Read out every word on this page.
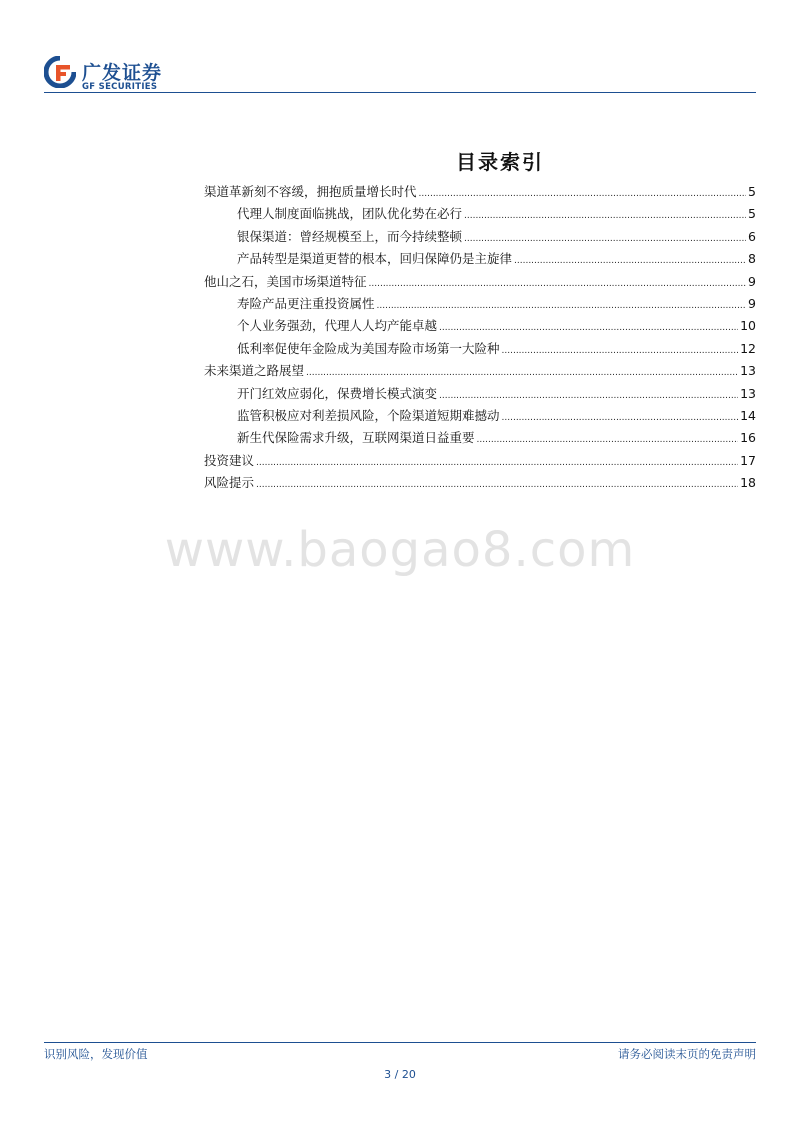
广发证券
GF SECURITIES
目录索引
渠道革新刻不容缓，拥抱质量增长时代 .....	5
代理人制度面临挑战，团队优化势在必行 .....	5
银保渠道：曾经规模至上，而今持续整顿 .....	6
产品转型是渠道更替的根本，回归保障仍是主旋律 .....	8
他山之石，美国市场渠道特征 .....	9
寿险产品更注重投资属性 .....	9
个人业务强劲，代理人人均产能卓越 .....	10
低利率促使年金险成为美国寿险市场第一大险种 .....	12
未来渠道之路展望 .....	13
开门红效应弱化，保费增长模式演变 .....	13
监管积极应对利差损风险，个险渠道短期难撼动 .....	14
新生代保险需求升级，互联网渠道日益重要 .....	16
投资建议 .....	17
风险提示 .....	18
www.baogao8.com
识别风险，发现价值	请务必阅读末页的免责声明
3 / 20
